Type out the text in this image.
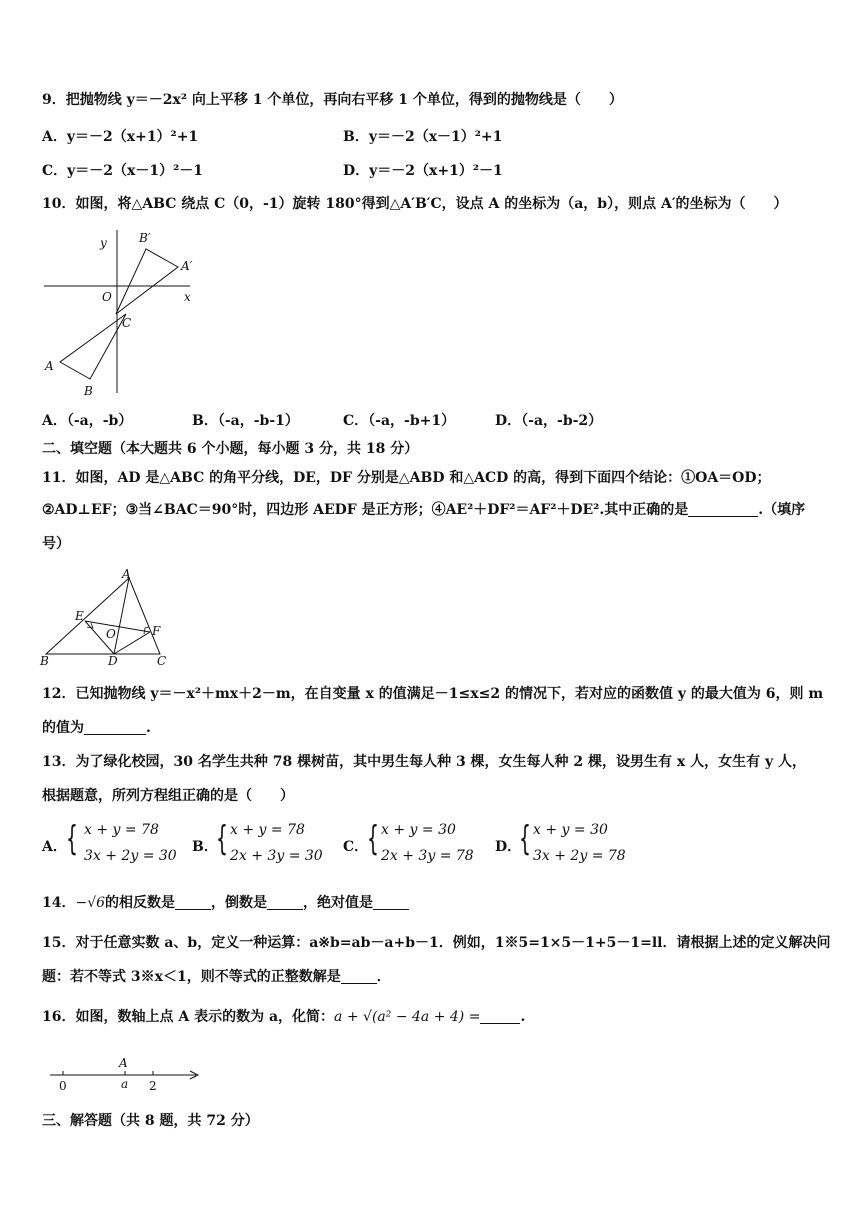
9．把抛物线 y＝－2x² 向上平移 1 个单位，再向右平移 1 个单位，得到的抛物线是（　　）
A．y＝－2（x+1）²+1	B．y＝－2（x－1）²+1
C．y＝－2（x－1）²－1	D．y＝－2（x+1）²－1
10．如图，将△ABC 绕点 C（0，-1）旋转 180°得到△A′B′C，设点 A 的坐标为（a，b），则点 A′的坐标为（　　）
y
x
O
C
A
B
A′
B′
A．（-a，-b）	B．（-a，-b-1）	C．（-a，-b+1）	D．（-a，-b-2）
二、填空题（本大题共 6 个小题，每小题 3 分，共 18 分）
11．如图，AD 是△ABC 的角平分线，DE，DF 分别是△ABD 和△ACD 的高，得到下面四个结论：①OA＝OD；
②AD⊥EF；③当∠BAC＝90°时，四边形 AEDF 是正方形；④AE²＋DF²＝AF²＋DE².其中正确的是	.（填序
号）
A
B	C
D
E
F
O
12．已知抛物线 y＝－x²＋mx＋2－m，在自变量 x 的值满足－1≤x≤2 的情况下，若对应的函数值 y 的最大值为 6，则 m
的值为	.
13．为了绿化校园，30 名学生共种 78 棵树苗，其中男生每人种 3 棵，女生每人种 2 棵，设男生有 x 人，女生有 y 人，
根据题意，所列方程组正确的是（　　）
A． { x + y = 78
3x + 2y = 30
B．
{ x + y = 78
2x + 3y = 30
C．
{ x + y = 30
2x + 3y = 78
D．
{ x + y = 30
3x + 2y = 78
14．−√6的相反数是	，倒数是	，绝对值是
15．对于任意实数 a、b，定义一种运算：a※b=ab－a+b－1．例如，1※5=1×5－1+5－1=ll．请根据上述的定义解决问
题：若不等式 3※x＜1，则不等式的正整数解是	．
16．如图，数轴上点 A 表示的数为 a，化简：a + √(a² − 4a + 4) =	.
0
A
a 2
三、解答题（共 8 题，共 72 分）
